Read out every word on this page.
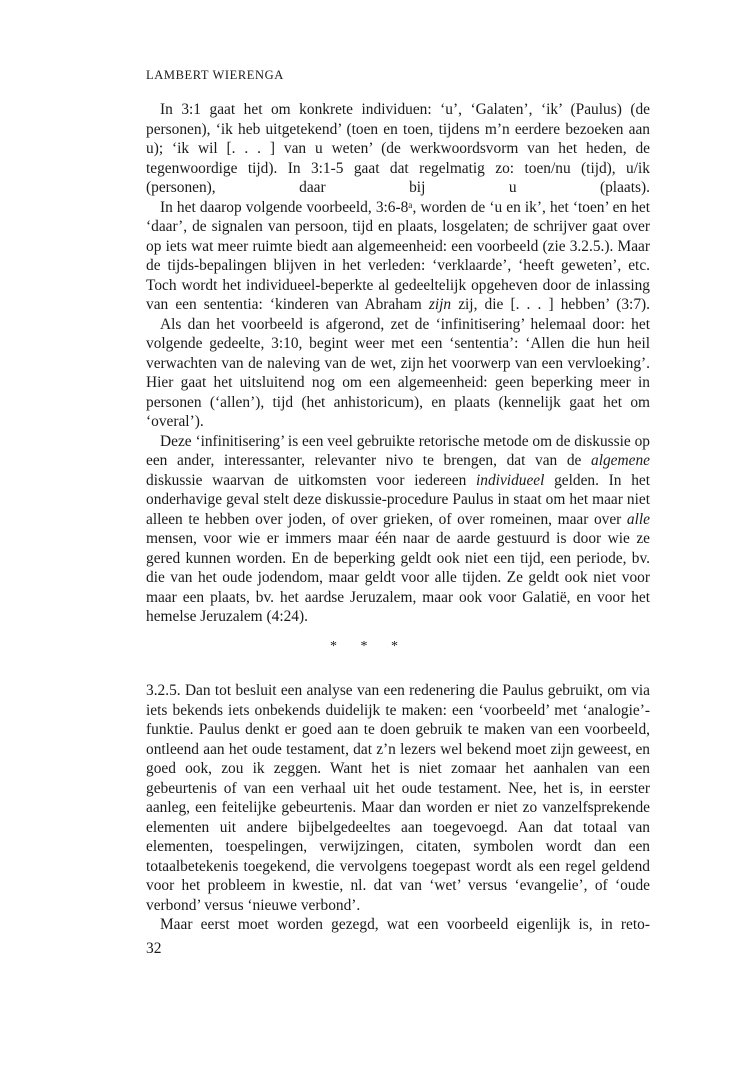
LAMBERT WIERENGA

In 3:1 gaat het om konkrete individuen: ‘u’, ‘Galaten’, ‘ik’ (Paulus) (de personen), ‘ik heb uitgetekend’ (toen en toen, tijdens m’n eerdere bezoeken aan u); ‘ik wil [. . . ] van u weten’ (de werkwoordsvorm van het heden, de tegenwoordige tijd). In 3:1-5 gaat dat regelmatig zo: toen/nu (tijd), u/ik (personen), daar bij u (plaats).

In het daarop volgende voorbeeld, 3:6-8ᵃ, worden de ‘u en ik’, het ‘toen’ en het ‘daar’, de signalen van persoon, tijd en plaats, losgelaten; de schrijver gaat over op iets wat meer ruimte biedt aan algemeenheid: een voorbeeld (zie 3.2.5.). Maar de tijds-bepalingen blijven in het verleden: ‘verklaarde’, ‘heeft geweten’, etc. Toch wordt het individueel-beperkte al gedeeltelijk opgeheven door de inlassing van een sententia: ‘kinderen van Abraham zijn zij, die [. . . ] hebben’ (3:7).

Als dan het voorbeeld is afgerond, zet de ‘infinitisering’ helemaal door: het volgende gedeelte, 3:10, begint weer met een ‘sententia’: ‘Allen die hun heil verwachten van de naleving van de wet, zijn het voorwerp van een vervloeking’. Hier gaat het uitsluitend nog om een algemeenheid: geen beperking meer in personen (‘allen’), tijd (het anhistoricum), en plaats (kennelijk gaat het om ‘overal’).

Deze ‘infinitisering’ is een veel gebruikte retorische metode om de diskussie op een ander, interessanter, relevanter nivo te brengen, dat van de algemene diskussie waarvan de uitkomsten voor iedereen individueel gelden. In het onderhavige geval stelt deze diskussie-procedure Paulus in staat om het maar niet alleen te hebben over joden, of over grieken, of over romeinen, maar over alle mensen, voor wie er immers maar één naar de aarde gestuurd is door wie ze gered kunnen worden. En de beperking geldt ook niet een tijd, een periode, bv. die van het oude jodendom, maar geldt voor alle tijden. Ze geldt ook niet voor maar een plaats, bv. het aardse Jeruzalem, maar ook voor Galatië, en voor het hemelse Jeruzalem (4:24).

* * *

3.2.5. Dan tot besluit een analyse van een redenering die Paulus gebruikt, om via iets bekends iets onbekends duidelijk te maken: een ‘voorbeeld’ met ‘analogie’-funktie. Paulus denkt er goed aan te doen gebruik te maken van een voorbeeld, ontleend aan het oude testament, dat z’n lezers wel bekend moet zijn geweest, en goed ook, zou ik zeggen. Want het is niet zomaar het aanhalen van een gebeurtenis of van een verhaal uit het oude testament. Nee, het is, in eerster aanleg, een feitelijke gebeurtenis. Maar dan worden er niet zo vanzelfsprekende elementen uit andere bijbelgedeeltes aan toegevoegd. Aan dat totaal van elementen, toespelingen, verwijzingen, citaten, symbolen wordt dan een totaalbetekenis toegekend, die vervolgens toegepast wordt als een regel geldend voor het probleem in kwestie, nl. dat van ‘wet’ versus ‘evangelie’, of ‘oude verbond’ versus ‘nieuwe verbond’.

Maar eerst moet worden gezegd, wat een voorbeeld eigenlijk is, in reto-

32
